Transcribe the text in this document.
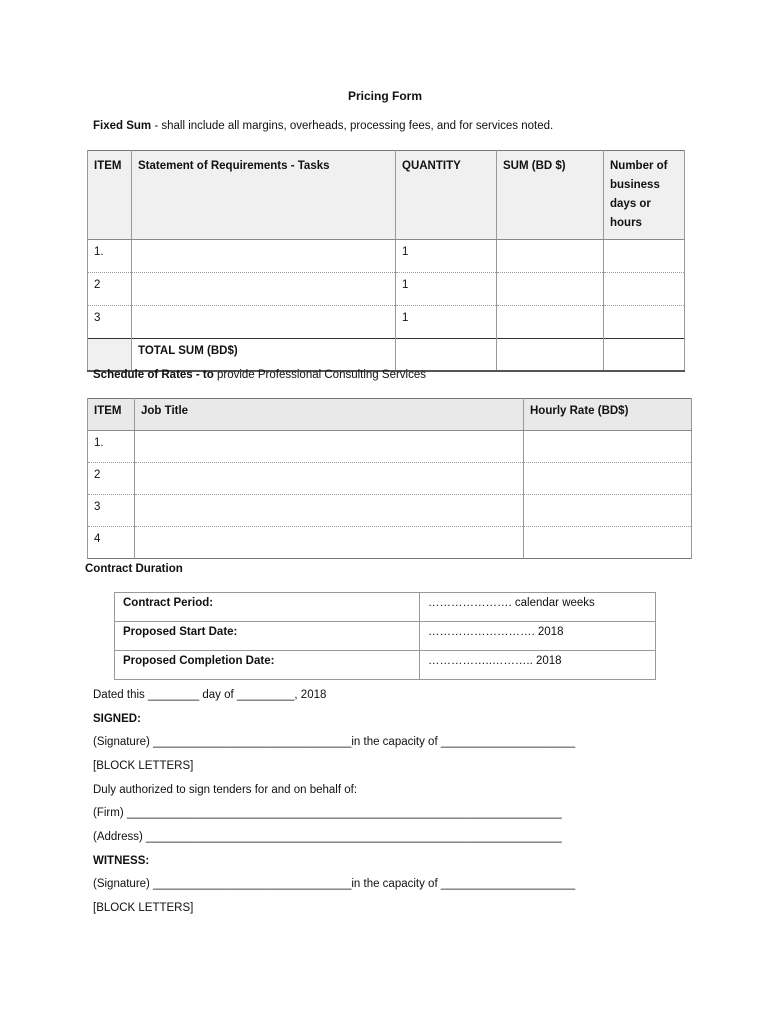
Pricing Form
Fixed Sum - shall include all margins, overheads, processing fees, and for services noted.
ITEM	Statement of Requirements - Tasks	QUANTITY	SUM (BD $)	Number of business days or hours
1.		1		
2		1		
3		1		
	TOTAL SUM (BD$)			
Schedule of Rates - to provide Professional Consulting Services
ITEM	Job Title	Hourly Rate (BD$)
1.		
2		
3		
4		
Contract Duration
Contract Period:	…………………. calendar weeks
Proposed Start Date:	………………………. 2018
Proposed Completion Date:	……………..……….. 2018
Dated this ________ day of _________, 2018
SIGNED:
(Signature) _______________________________in the capacity of _____________________
[BLOCK LETTERS]
Duly authorized to sign tenders for and on behalf of:
(Firm) ____________________________________________________________________
(Address) _________________________________________________________________
WITNESS:
(Signature) _______________________________in the capacity of _____________________
[BLOCK LETTERS]
